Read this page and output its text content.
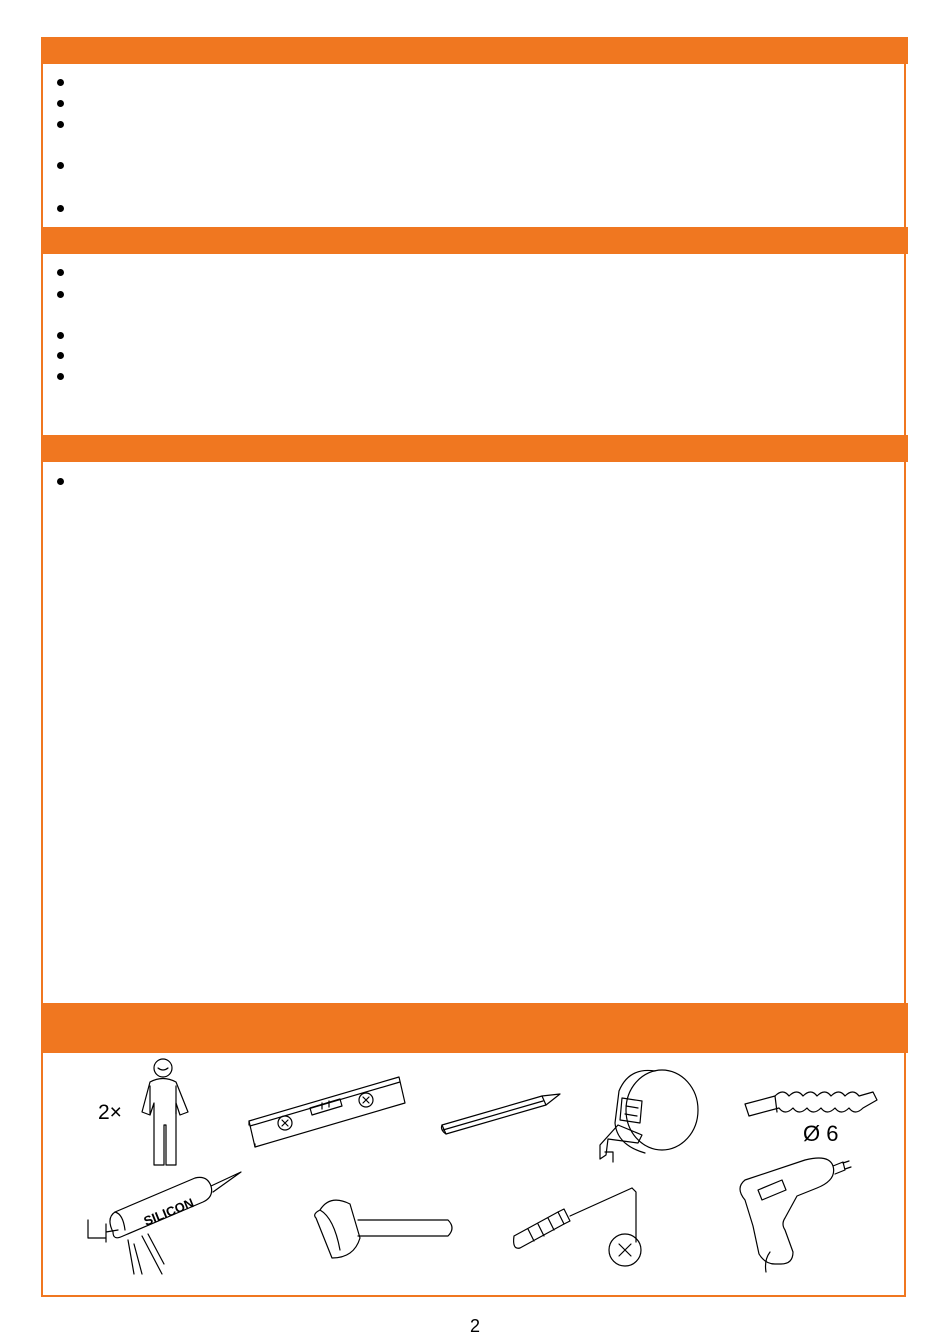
2×
Ø 6
SILICON
2
